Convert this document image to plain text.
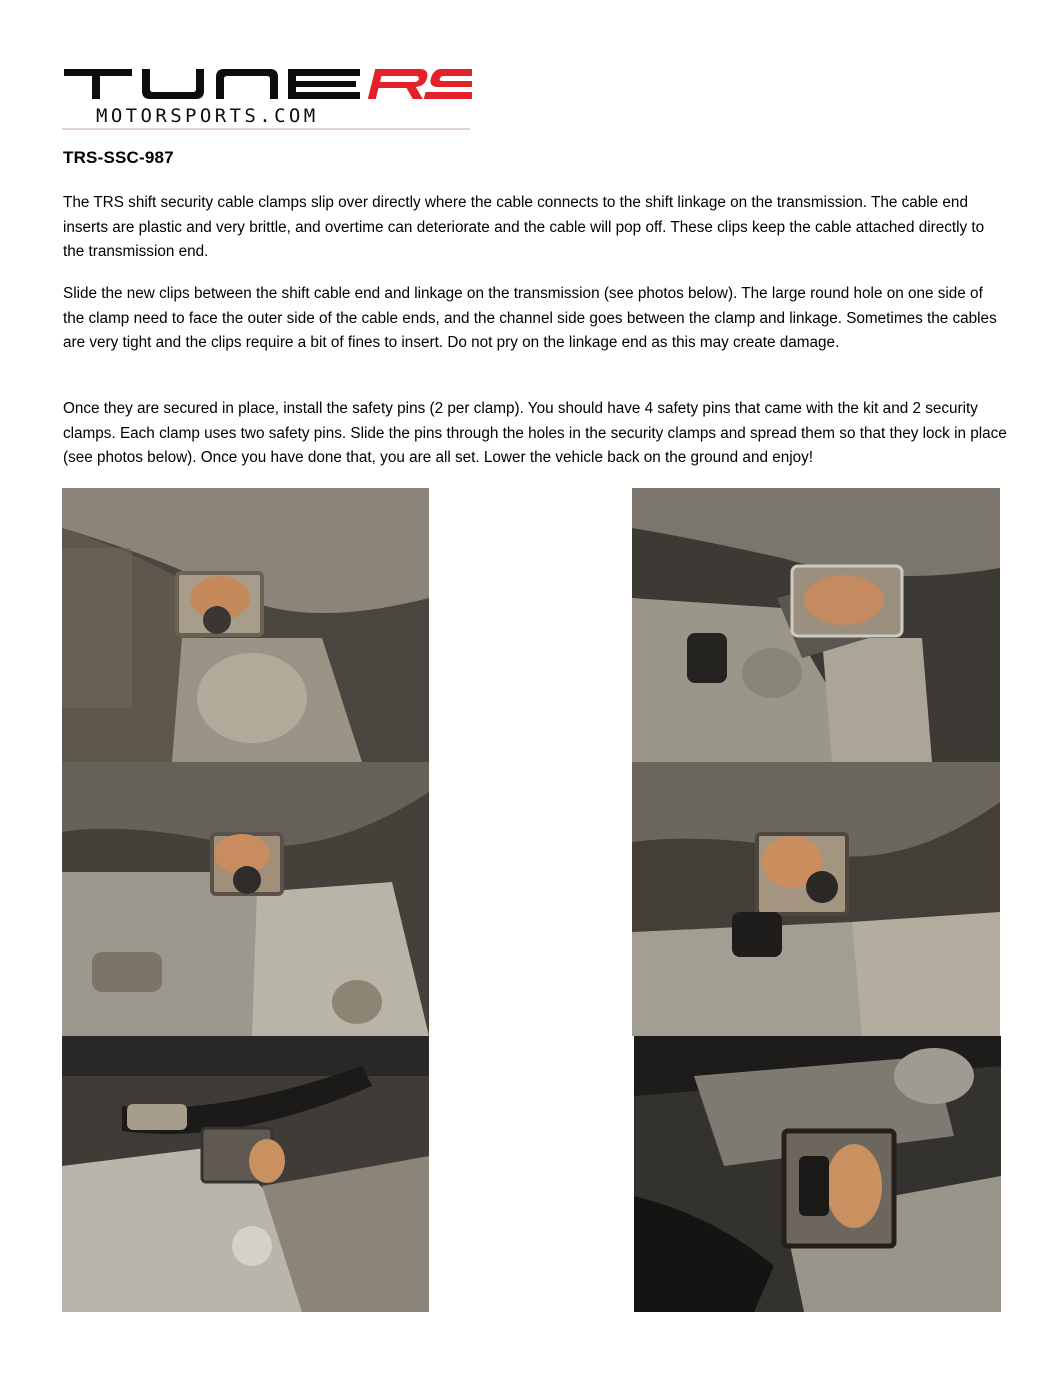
MOTORSPORTS.COM
TRS-SSC-987

The TRS shift security cable clamps slip over directly where the cable connects to the shift linkage on the transmission. The cable end inserts are plastic and very brittle, and overtime can deteriorate and the cable will pop off. These clips keep the cable attached directly to the transmission end.

Slide the new clips between the shift cable end and linkage on the transmission (see photos below). The large round hole on one side of the clamp need to face the outer side of the cable ends, and the channel side goes between the clamp and linkage. Sometimes the cables are very tight and the clips require a bit of fines to insert. Do not pry on the linkage end as this may create damage.

Once they are secured in place, install the safety pins (2 per clamp). You should have 4 safety pins that came with the kit and 2 security clamps. Each clamp uses two safety pins. Slide the pins through the holes in the security clamps and spread them so that they lock in place (see photos below). Once you have done that, you are all set. Lower the vehicle back on the ground and enjoy!
